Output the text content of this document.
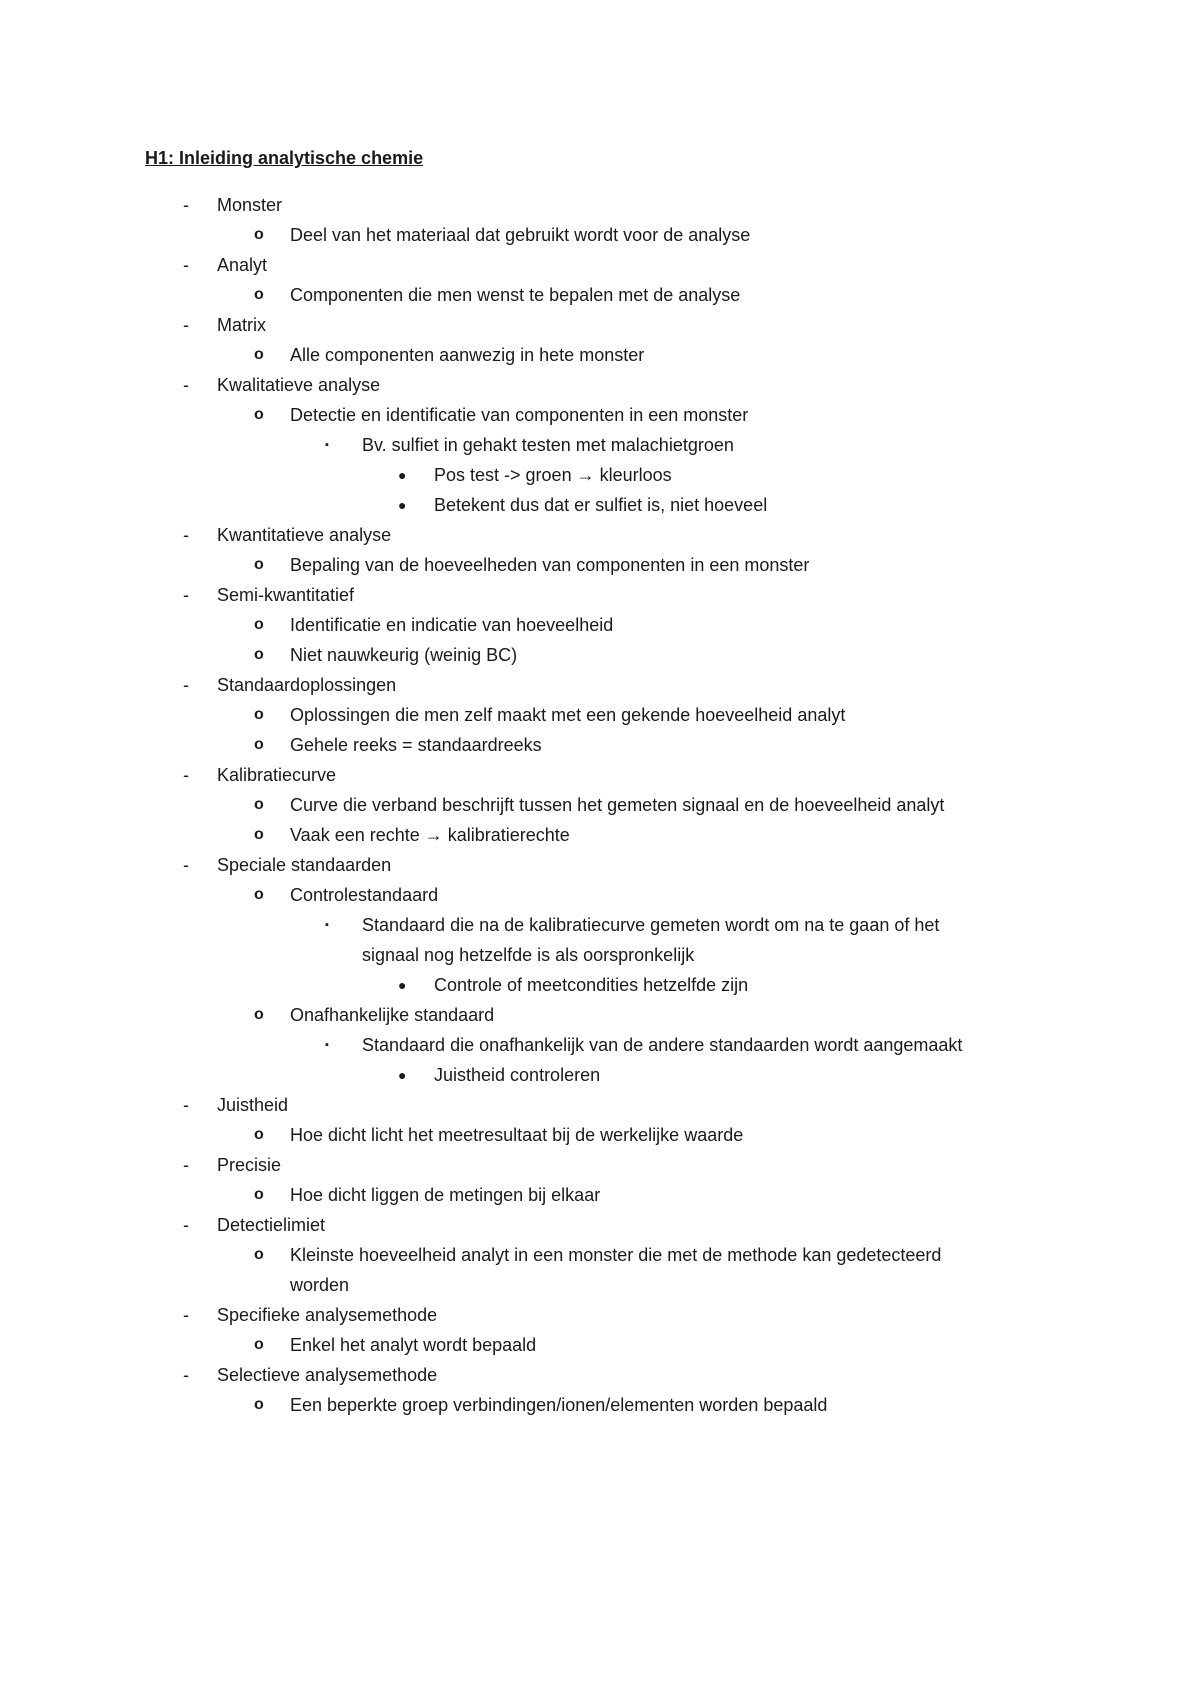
H1: Inleiding analytische chemie
- Monster
o Deel van het materiaal dat gebruikt wordt voor de analyse
- Analyt
o Componenten die men wenst te bepalen met de analyse
- Matrix
o Alle componenten aanwezig in hete monster
- Kwalitatieve analyse
o Detectie en identificatie van componenten in een monster
▪ Bv. sulfiet in gehakt testen met malachietgroen
● Pos test -> groen → kleurloos
● Betekent dus dat er sulfiet is, niet hoeveel
- Kwantitatieve analyse
o Bepaling van de hoeveelheden van componenten in een monster
- Semi-kwantitatief
o Identificatie en indicatie van hoeveelheid
o Niet nauwkeurig (weinig BC)
- Standaardoplossingen
o Oplossingen die men zelf maakt met een gekende hoeveelheid analyt
o Gehele reeks = standaardreeks
- Kalibratiecurve
o Curve die verband beschrijft tussen het gemeten signaal en de hoeveelheid analyt
o Vaak een rechte → kalibratierechte
- Speciale standaarden
o Controlestandaard
▪ Standaard die na de kalibratiecurve gemeten wordt om na te gaan of het
signaal nog hetzelfde is als oorspronkelijk
● Controle of meetcondities hetzelfde zijn
o Onafhankelijke standaard
▪ Standaard die onafhankelijk van de andere standaarden wordt aangemaakt
● Juistheid controleren
- Juistheid
o Hoe dicht licht het meetresultaat bij de werkelijke waarde
- Precisie
o Hoe dicht liggen de metingen bij elkaar
- Detectielimiet
o Kleinste hoeveelheid analyt in een monster die met de methode kan gedetecteerd
worden
- Specifieke analysemethode
o Enkel het analyt wordt bepaald
- Selectieve analysemethode
o Een beperkte groep verbindingen/ionen/elementen worden bepaald
